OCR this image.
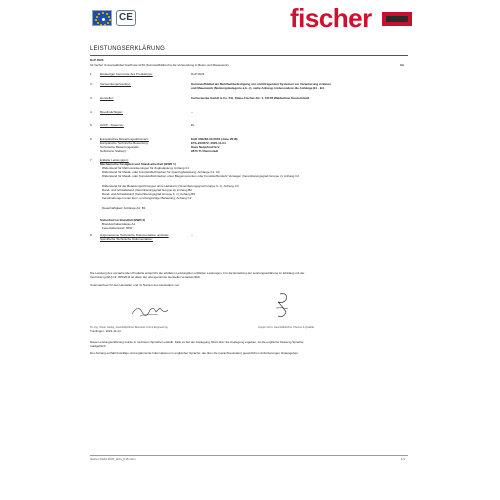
CE	fischer
LEISTUNGSERKLÄRUNG
DoP 0023
für fischer Universaldübel DuoPower ETA (Kunststoffdübel für die Verwendung in Beton und Mauerwerk)	DE
1. Eindeutiger Kenncode des Produkttyps:	DoP 0023
2. Verwendungszweck(e):	Kunststoffdübel als Mehrfachbefestigung von nichttragenden Systemen zur Verankerung in Beton
und Mauerwerk (Nutzungskategorie a,b, c), siehe Anhang, insbesondere die Anhänge B1 - B4.
3. Hersteller:	fischerwerke GmbH & Co. KG, Klaus-Fischer-Str. 1, 72178 Waldachtal, Deutschland
4. Bevollmächtigter:	--
5. AVCP - System/e:	2+
6. Europäisches Bewertungsdokument:	EAD 330284-00-0604 (June 2018)
Europäische Technische Bewertung:	ETA-20/0572; 2020-11-04
Technische Bewertungsstelle:	Kiwa Nederland B.V.
Notifizierte Stelle(n):	2873 TU Darmstadt
7. Erklärte Leistung(en):
Mechanische Festigkeit und Standsicherheit (BWR 1)
Widerstand für Mehrverankerungen für Zugbelastung; Anhang C1
Widerstand für Metall- oder Kunststoffschrauben für Querzugbelastung; Anhänge C1, C2
Widerstand für Metall- oder Kunststoffschrauben unter Biegemomenten oder Kunststoffumkehr Versagen (Vereinbarungsgrad Gruppe c); Anhang C2
Widerstand für die Belastungsrichtungen ohne Hebelarm (Vereinbarungsgrad Gruppe b, c); Anhang C3
Rand- und Achsabstand (Vereinbarungsgrad Gruppe a); Anhang B2
Rand- und Achsabstand (Vereinbarungsgrad Gruppe b, c); Anhang B3
Verschiebungen unter kurz- und langzeitiger Belastung; Anhang C2
Dauerhaftigkeit: Anhänge A4, B1
Sicherheit im Brandfall (BWR 2)
Brandverhaltenklasse A1
Feuerwiderstand: NPD
8. Angemessene Technische Dokumentation und/oder
Spezifische Technische Dokumentation:
--
Die Leistung des vorstehenden Produkts entspricht der erklärten Leistung/den erklärten Leistungen. Für die Erstellung der Leistungserklärung im Einklang mit der
Verordnung (EU) Nr. 305/2011 ist allein der obengenannte Hersteller verantwortlich.
Unterzeichnet für den Hersteller und im Namen des Herstellers von:
Dr.-Ing. Oliver Geibig, Geschäftsführer Business Unit & Engineering	Jürgen Grün, Geschäftsführer Chemie & Qualität
Tumlingen, 2022-11-24
Diese Leistungserklärung wurde in mehreren Sprachen erstellt. Falls es bei der Auslegung Streit über die Auslegung ergeben, ist die englische Fassung Sprache
maßgeblich.
Der Anhang enthält freiwillige und ergänzende Informationen in englischer Sprache, die über die (sprachneutralen) gesetzlichen Anforderungen hinausgehen.
fischer DATA DOP_ECs_F15.xlsm	1/1
